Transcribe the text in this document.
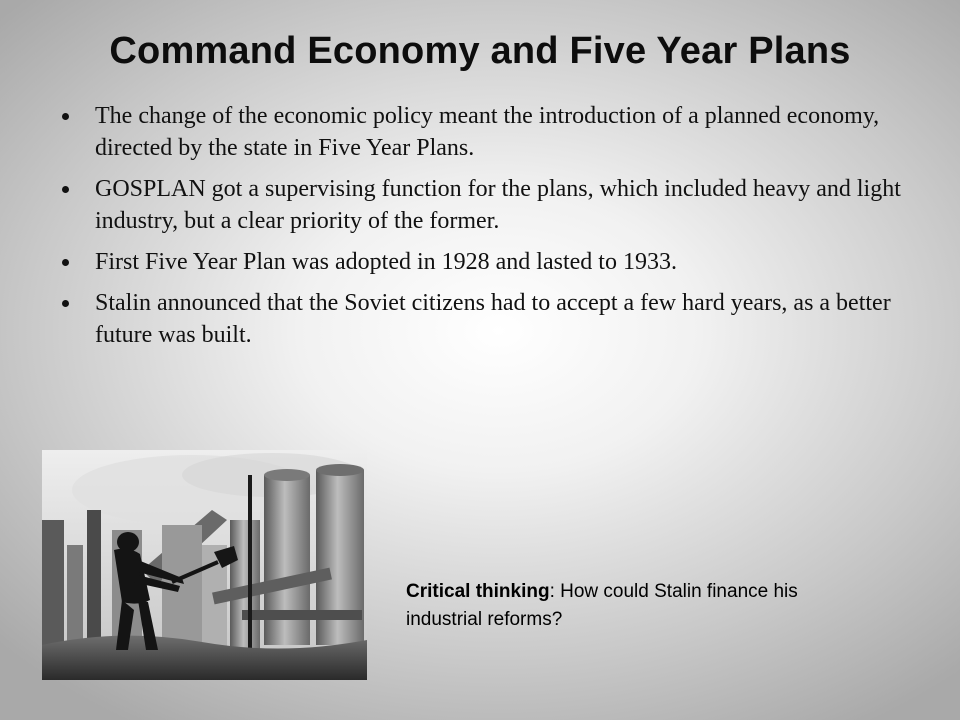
Command Economy and Five Year Plans
The change of the economic policy meant the introduction of a planned economy, directed by the state in Five Year Plans.
GOSPLAN got a supervising function for the plans, which included heavy and light industry, but a clear priority of the former.
First Five Year Plan was adopted in 1928 and lasted to 1933.
Stalin announced that the Soviet citizens had to accept a few hard years, as a better future was built.
Critical thinking: How could Stalin finance his industrial reforms?
